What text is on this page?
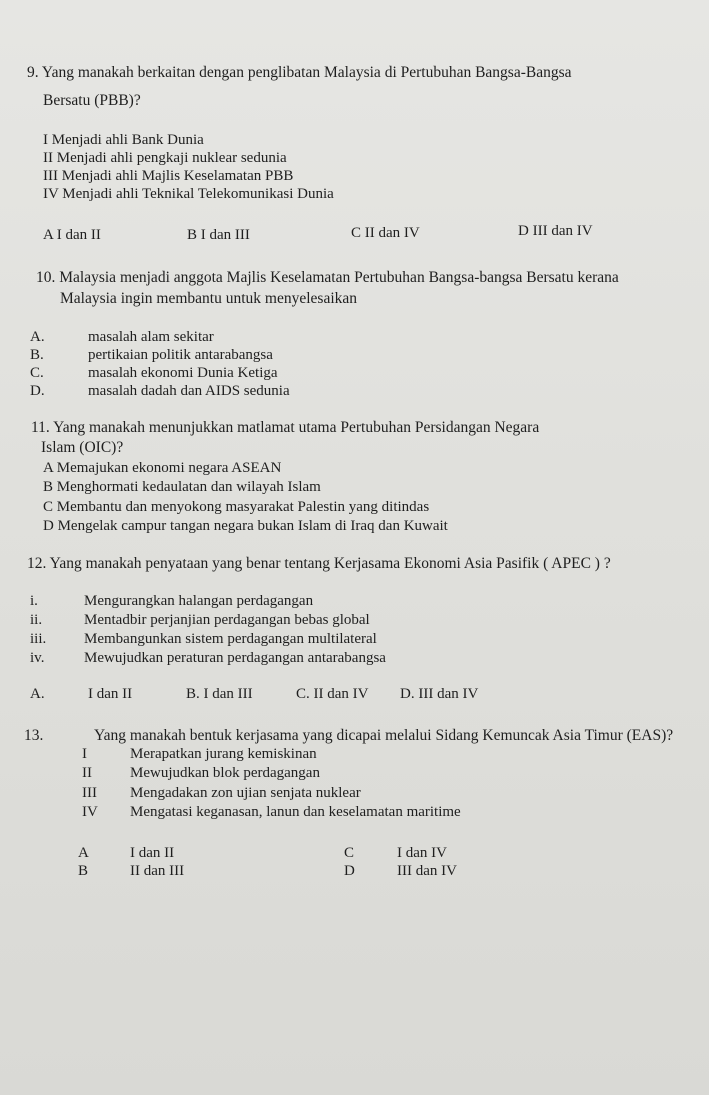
9. Yang manakah berkaitan dengan penglibatan Malaysia di Pertubuhan Bangsa-Bangsa
Bersatu (PBB)?
I Menjadi ahli Bank Dunia
II Menjadi ahli pengkaji nuklear sedunia
III Menjadi ahli Majlis Keselamatan PBB
IV Menjadi ahli Teknikal Telekomunikasi Dunia
A I dan II	B I dan III	C II dan IV	D III dan IV
10. Malaysia menjadi anggota Majlis Keselamatan Pertubuhan Bangsa-bangsa Bersatu kerana
Malaysia ingin membantu untuk menyelesaikan
A.	masalah alam sekitar
B.	pertikaian politik antarabangsa
C.	masalah ekonomi Dunia Ketiga
D.	masalah dadah dan AIDS sedunia
11. Yang manakah menunjukkan matlamat utama Pertubuhan Persidangan Negara
Islam (OIC)?
A Memajukan ekonomi negara ASEAN
B Menghormati kedaulatan dan wilayah Islam
C Membantu dan menyokong masyarakat Palestin yang ditindas
D Mengelak campur tangan negara bukan Islam di Iraq dan Kuwait
12. Yang manakah penyataan yang benar tentang Kerjasama Ekonomi Asia Pasifik ( APEC ) ?
i.	Mengurangkan halangan perdagangan
ii.	Mentadbir perjanjian perdagangan bebas global
iii.	Membangunkan sistem perdagangan multilateral
iv.	Mewujudkan peraturan perdagangan antarabangsa
A.	I dan II	B. I dan III	C. II dan IV D. III dan IV
13.	Yang manakah bentuk kerjasama yang dicapai melalui Sidang Kemuncak Asia Timur (EAS)?
I	Merapatkan jurang kemiskinan
II	Mewujudkan blok perdagangan
III Mengadakan zon ujian senjata nuklear
IV Mengatasi keganasan, lanun dan keselamatan maritime
A	I dan II	C	I dan IV
B	II dan III	D	III dan IV
